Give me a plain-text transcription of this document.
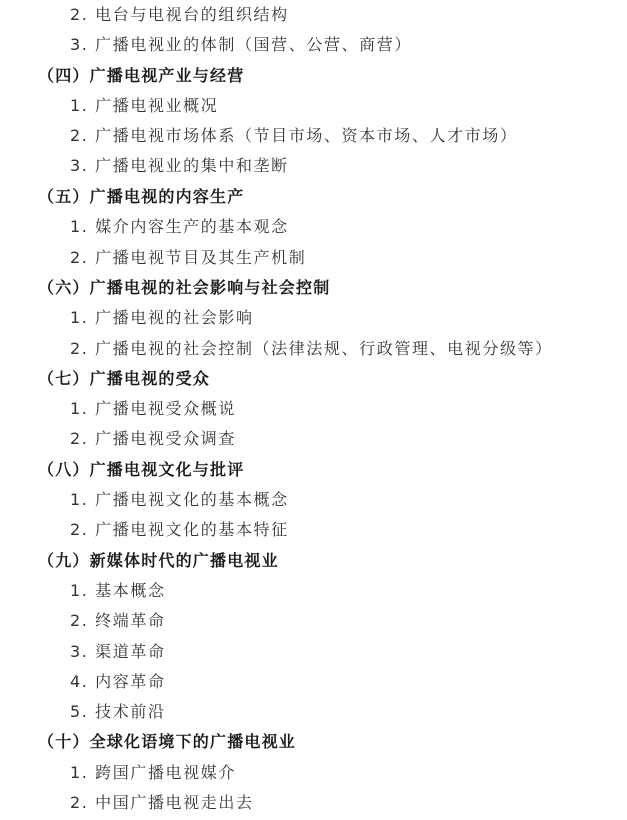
2. 电台与电视台的组织结构
3. 广播电视业的体制（国营、公营、商营）
（四）广播电视产业与经营
1. 广播电视业概况
2. 广播电视市场体系（节目市场、资本市场、人才市场）
3. 广播电视业的集中和垄断
（五）广播电视的内容生产
1. 媒介内容生产的基本观念
2. 广播电视节目及其生产机制
（六）广播电视的社会影响与社会控制
1. 广播电视的社会影响
2. 广播电视的社会控制（法律法规、行政管理、电视分级等）
（七）广播电视的受众
1. 广播电视受众概说
2. 广播电视受众调查
（八）广播电视文化与批评
1. 广播电视文化的基本概念
2. 广播电视文化的基本特征
（九）新媒体时代的广播电视业
1. 基本概念
2. 终端革命
3. 渠道革命
4. 内容革命
5. 技术前沿
（十）全球化语境下的广播电视业
1. 跨国广播电视媒介
2. 中国广播电视走出去
